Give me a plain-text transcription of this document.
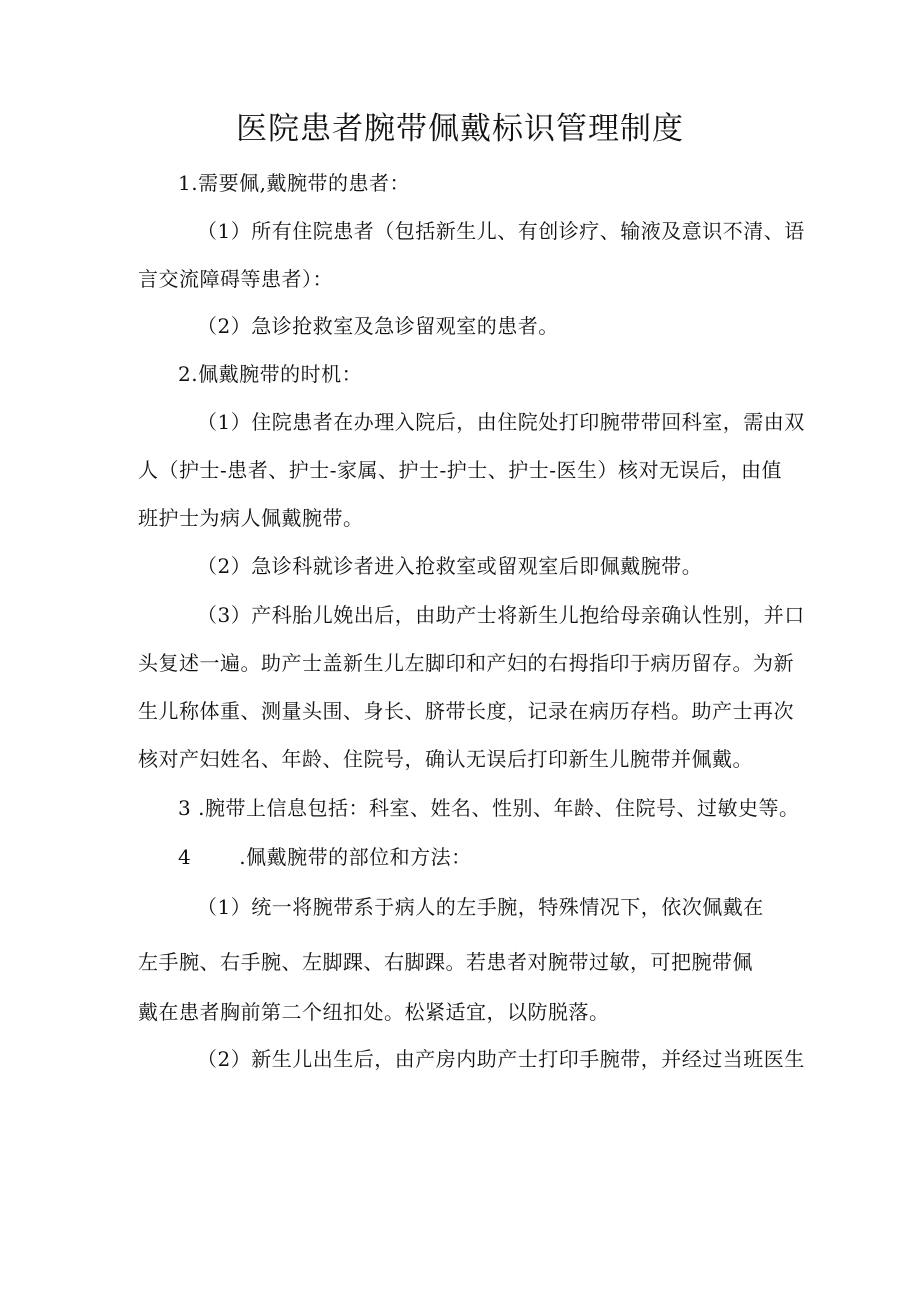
医院患者腕带佩戴标识管理制度
1.需要佩,戴腕带的患者：
（1）所有住院患者（包括新生儿、有创诊疗、输液及意识不清、语
言交流障碍等患者）：
（2）急诊抢救室及急诊留观室的患者。
2.佩戴腕带的时机：
（1）住院患者在办理入院后，由住院处打印腕带带回科室，需由双
人（护士-患者、护士-家属、护士-护士、护士-医生）核对无误后，由值
班护士为病人佩戴腕带。
（2）急诊科就诊者进入抢救室或留观室后即佩戴腕带。
（3）产科胎儿娩出后，由助产士将新生儿抱给母亲确认性别，并口
头复述一遍。助产士盖新生儿左脚印和产妇的右拇指印于病历留存。为新
生儿称体重、测量头围、身长、脐带长度，记录在病历存档。助产士再次
核对产妇姓名、年龄、住院号，确认无误后打印新生儿腕带并佩戴。
3 .腕带上信息包括：科室、姓名、性别、年龄、住院号、过敏史等。
4       .佩戴腕带的部位和方法：
（1）统一将腕带系于病人的左手腕，特殊情况下，依次佩戴在
左手腕、右手腕、左脚踝、右脚踝。若患者对腕带过敏，可把腕带佩
戴在患者胸前第二个纽扣处。松紧适宜，以防脱落。
（2）新生儿出生后，由产房内助产士打印手腕带，并经过当班医生
